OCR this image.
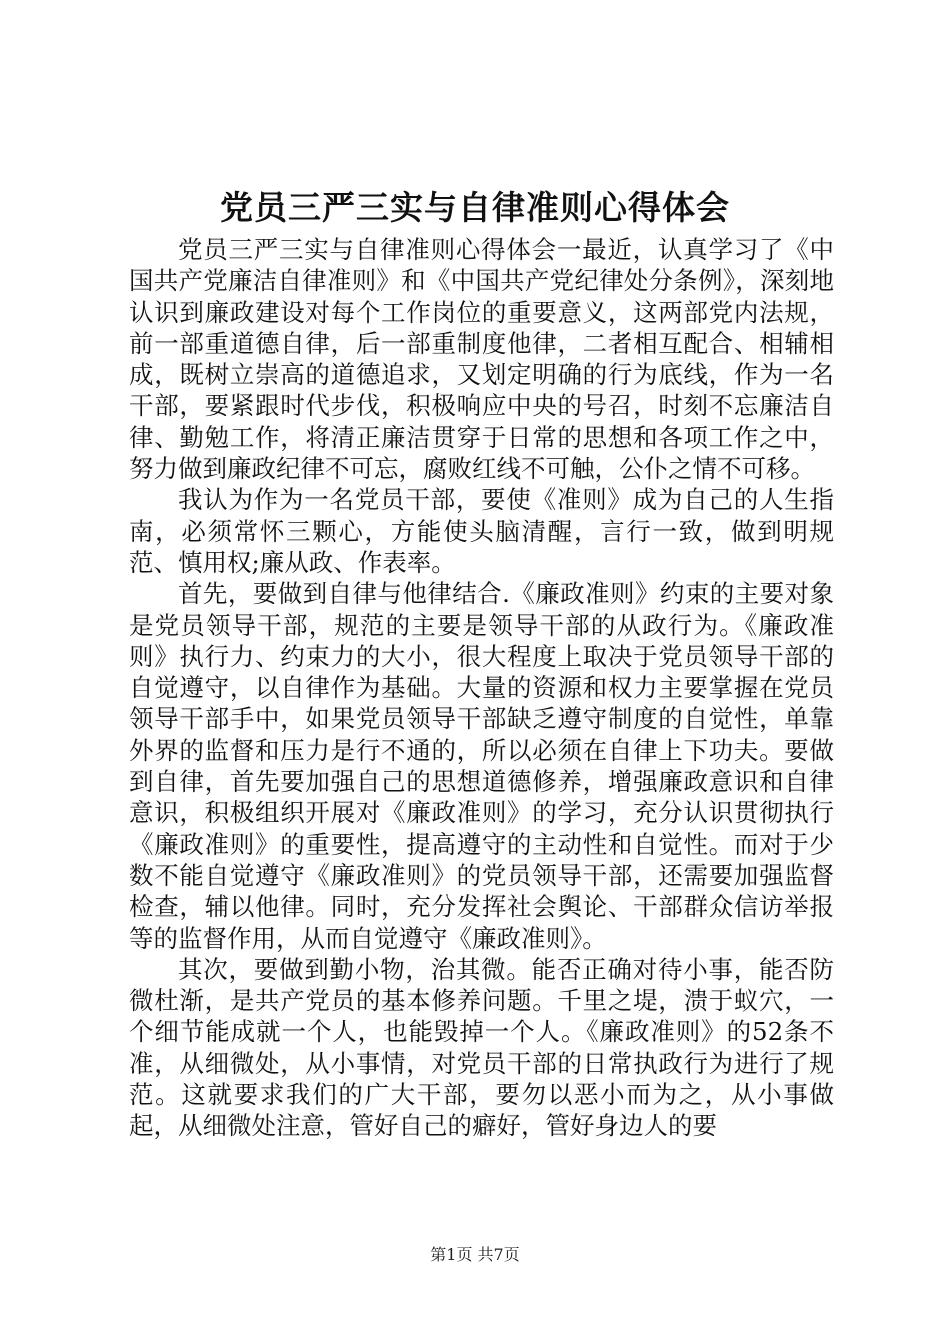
党员三严三实与自律准则心得体会

党员三严三实与自律准则心得体会一最近，认真学习了《中国共产党廉洁自律准则》和《中国共产党纪律处分条例》，深刻地认识到廉政建设对每个工作岗位的重要意义，这两部党内法规，前一部重道德自律，后一部重制度他律，二者相互配合、相辅相成，既树立崇高的道德追求，又划定明确的行为底线，作为一名干部，要紧跟时代步伐，积极响应中央的号召，时刻不忘廉洁自律、勤勉工作，将清正廉洁贯穿于日常的思想和各项工作之中，努力做到廉政纪律不可忘，腐败红线不可触，公仆之情不可移。

我认为作为一名党员干部，要使《准则》成为自己的人生指南，必须常怀三颗心，方能使头脑清醒，言行一致，做到明规范、慎用权;廉从政、作表率。

首先，要做到自律与他律结合.《廉政准则》约束的主要对象是党员领导干部，规范的主要是领导干部的从政行为。《廉政准则》执行力、约束力的大小，很大程度上取决于党员领导干部的自觉遵守，以自律作为基础。大量的资源和权力主要掌握在党员领导干部手中，如果党员领导干部缺乏遵守制度的自觉性，单靠外界的监督和压力是行不通的，所以必须在自律上下功夫。要做到自律，首先要加强自己的思想道德修养，增强廉政意识和自律意识，积极组织开展对《廉政准则》的学习，充分认识贯彻执行《廉政准则》的重要性，提高遵守的主动性和自觉性。而对于少数不能自觉遵守《廉政准则》的党员领导干部，还需要加强监督检查，辅以他律。同时，充分发挥社会舆论、干部群众信访举报等的监督作用，从而自觉遵守《廉政准则》。

其次，要做到勤小物，治其微。能否正确对待小事，能否防微杜渐，是共产党员的基本修养问题。千里之堤，溃于蚁穴，一个细节能成就一个人，也能毁掉一个人。《廉政准则》的52条不准，从细微处，从小事情，对党员干部的日常执政行为进行了规范。这就要求我们的广大干部，要勿以恶小而为之，从小事做起，从细微处注意，管好自己的癖好，管好身边人的要

第1页 共7页
